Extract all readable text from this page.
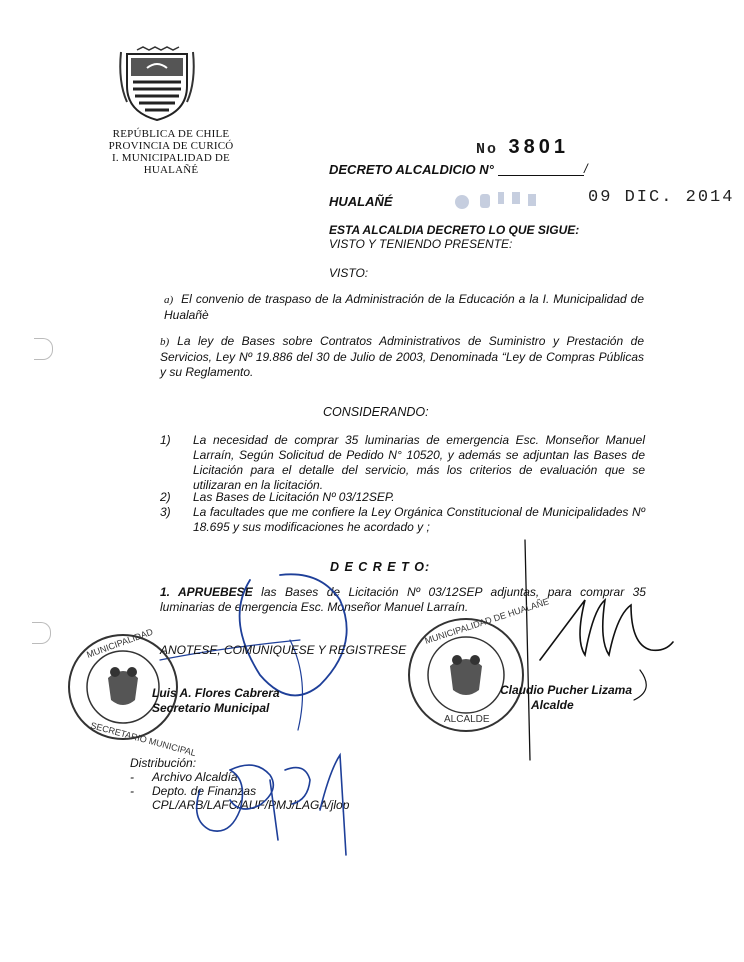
REPÚBLICA DE CHILE
PROVINCIA DE CURICÓ
I. MUNICIPALIDAD DE HUALAÑÉ
No 3801
DECRETO ALCALDICIO N°	/
HUALAÑÉ	09 DIC. 2014
ESTA ALCALDIA DECRETO LO QUE SIGUE:
VISTO Y TENIENDO PRESENTE:
VISTO:
a) El convenio de traspaso de la Administración de la Educación a la I. Municipalidad de Hualañè
b) La ley de Bases sobre Contratos Administrativos de Suministro y Prestación de Servicios, Ley Nº 19.886 del 30 de Julio de 2003, Denominada “Ley de Compras Públicas y su Reglamento.
CONSIDERANDO:
1) La necesidad de comprar 35 luminarias de emergencia Esc. Monseñor Manuel Larraín, Según Solicitud de Pedido N° 10520, y además se adjuntan las Bases de Licitación para el detalle del servicio, más los criterios de evaluación que se utilizaran en la licitación.
2) Las Bases de Licitación Nº 03/12SEP.
3) La facultades que me confiere la Ley Orgánica Constitucional de Municipalidades Nº 18.695 y sus modificaciones he acordado y ;
D E C R E T O:
1. APRUEBESE las Bases de Licitación Nº 03/12SEP adjuntas, para comprar 35 luminarias de emergencia Esc. Monseñor Manuel Larraín.
MUNICIPALIDAD
SECRETARIO MUNICIPAL
MUNICIPALIDAD DE HUALAÑE
ALCALDE
ANOTESE, COMUNIQUESE Y REGISTRESE
Luis A. Flores Cabrera
Secretario Municipal
Claudio Pucher Lizama
Alcalde
Distribución:
- Archivo Alcaldía
- Depto. de Finanzas
CPL/ARB/LAFC/AUF/PMJ/LAGA/jlop
